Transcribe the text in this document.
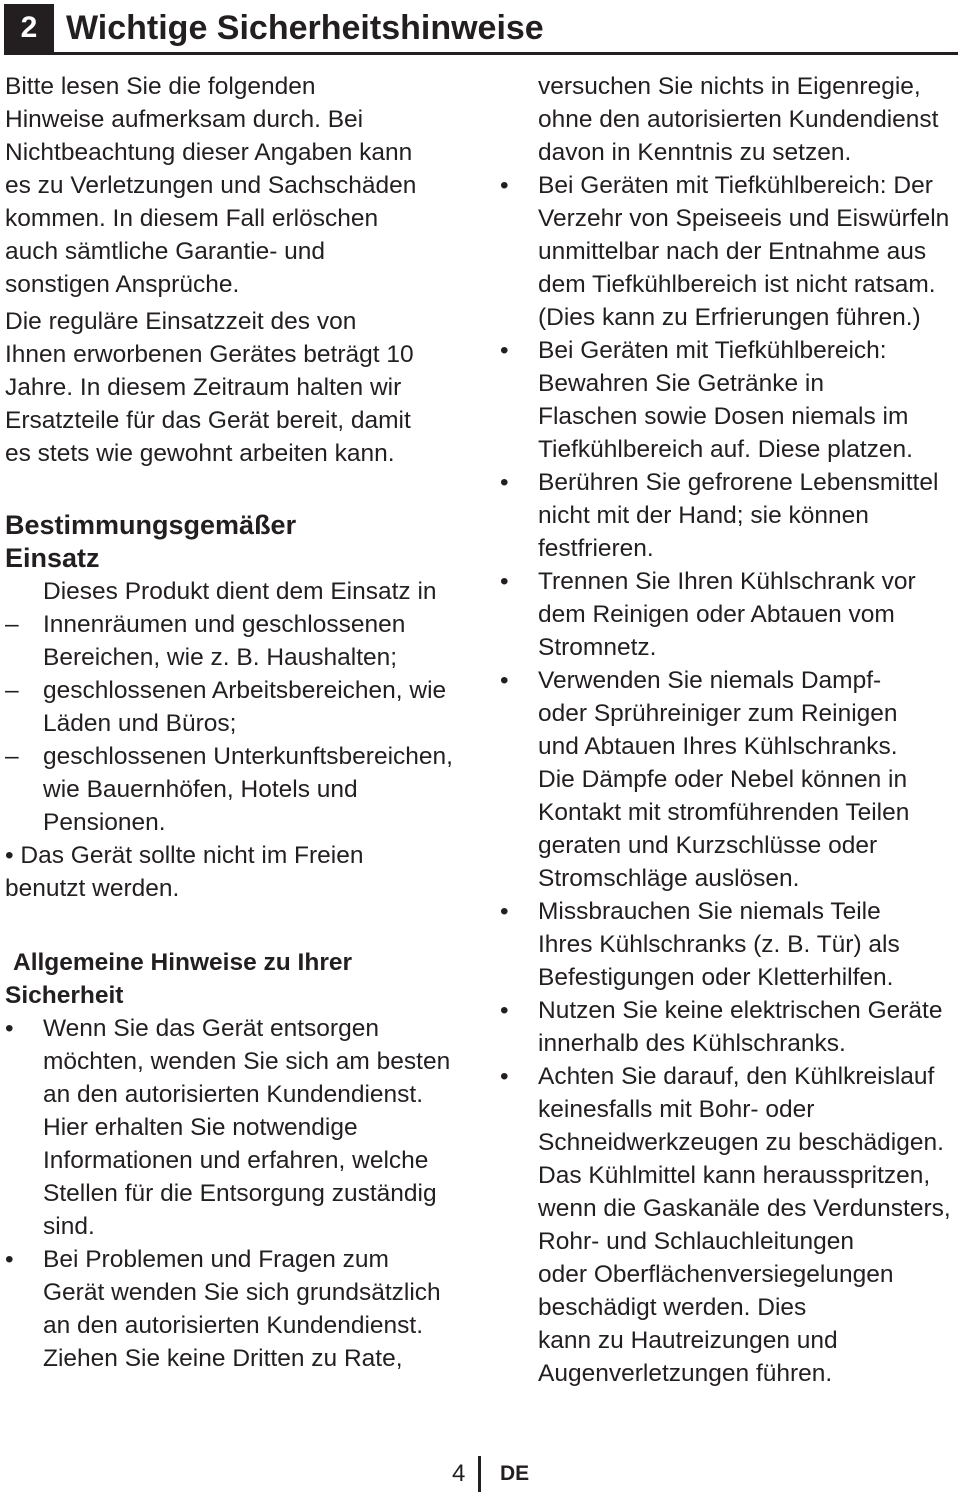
2 Wichtige Sicherheitshinweise
Bitte lesen Sie die folgenden
Hinweise aufmerksam durch. Bei
Nichtbeachtung dieser Angaben kann
es zu Verletzungen und Sachschäden
kommen. In diesem Fall erlöschen
auch sämtliche Garantie- und
sonstigen Ansprüche.
Die reguläre Einsatzzeit des von
Ihnen erworbenen Gerätes beträgt 10
Jahre. In diesem Zeitraum halten wir
Ersatzteile für das Gerät bereit, damit
es stets wie gewohnt arbeiten kann.
Bestimmungsgemäßer
Einsatz
Dieses Produkt dient dem Einsatz in
– Innenräumen und geschlossenen
Bereichen, wie z. B. Haushalten;
– geschlossenen Arbeitsbereichen, wie
Läden und Büros;
– geschlossenen Unterkunftsbereichen,
wie Bauernhöfen, Hotels und
Pensionen.
• Das Gerät sollte nicht im Freien
benutzt werden.
Allgemeine Hinweise zu Ihrer
Sicherheit
• Wenn Sie das Gerät entsorgen
möchten, wenden Sie sich am besten
an den autorisierten Kundendienst.
Hier erhalten Sie notwendige
Informationen und erfahren, welche
Stellen für die Entsorgung zuständig
sind.
• Bei Problemen und Fragen zum
Gerät wenden Sie sich grundsätzlich
an den autorisierten Kundendienst.
Ziehen Sie keine Dritten zu Rate,
versuchen Sie nichts in Eigenregie,
ohne den autorisierten Kundendienst
davon in Kenntnis zu setzen.
• Bei Geräten mit Tiefkühlbereich: Der
Verzehr von Speiseeis und Eiswürfeln
unmittelbar nach der Entnahme aus
dem Tiefkühlbereich ist nicht ratsam.
(Dies kann zu Erfrierungen führen.)
• Bei Geräten mit Tiefkühlbereich:
Bewahren Sie Getränke in
Flaschen sowie Dosen niemals im
Tiefkühlbereich auf. Diese platzen.
• Berühren Sie gefrorene Lebensmittel
nicht mit der Hand; sie können
festfrieren.
• Trennen Sie Ihren Kühlschrank vor
dem Reinigen oder Abtauen vom
Stromnetz.
• Verwenden Sie niemals Dampf-
oder Sprühreiniger zum Reinigen
und Abtauen Ihres Kühlschranks.
Die Dämpfe oder Nebel können in
Kontakt mit stromführenden Teilen
geraten und Kurzschlüsse oder
Stromschläge auslösen.
• Missbrauchen Sie niemals Teile
Ihres Kühlschranks (z. B. Tür) als
Befestigungen oder Kletterhilfen.
• Nutzen Sie keine elektrischen Geräte
innerhalb des Kühlschranks.
• Achten Sie darauf, den Kühlkreislauf
keinesfalls mit Bohr- oder
Schneidwerkzeugen zu beschädigen.
Das Kühlmittel kann herausspritzen,
wenn die Gaskanäle des Verdunsters,
Rohr- und Schlauchleitungen
oder Oberflächenversiegelungen
beschädigt werden. Dies
kann zu Hautreizungen und
Augenverletzungen führen.
4 DE
